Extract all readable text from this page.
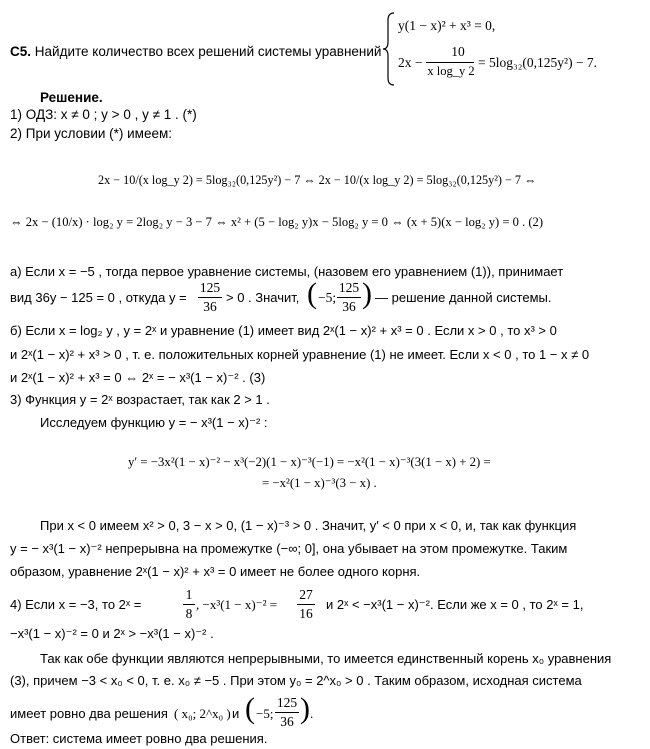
C5. Найдите количество всех решений системы уравнений
y(1 − x)² + x³ = 0,
2x −
10
x log_y 2
= 5log₃₂(0,125y²) − 7.
Решение.
1) ОДЗ: x ≠ 0 ; y > 0 , y ≠ 1 . (*)
2) При условии (*) имеем:
2x − 10/(x log_y 2) = 5log₃₂(0,125y²) − 7 ⇔ 2x − 10/(x log_y 2) = 5log₃₂(0,125y²) − 7 ⇔
⇔ 2x − (10/x) · log₂ y = 2log₂ y − 3 − 7 ⇔ x² + (5 − log₂ y)x − 5log₂ y = 0 ⇔ (x + 5)(x − log₂ y) = 0 . (2)
а) Если x = −5 , тогда первое уравнение системы, (назовем его уравнением (1)), принимает
вид 36y − 125 = 0 , откуда y =
125
36
> 0 . Значит, ( −5;
125
36 ) — решение данной системы.
б) Если x = log₂ y , y = 2ˣ и уравнение (1) имеет вид 2ˣ(1 − x)² + x³ = 0 . Если x > 0 , то x³ > 0
и 2ˣ(1 − x)² + x³ > 0 , т. е. положительных корней уравнение (1) не имеет. Если x < 0 , то 1 − x ≠ 0
и 2ˣ(1 − x)² + x³ = 0 ⇔ 2ˣ = − x³(1 − x)⁻² . (3)
3) Функция y = 2ˣ возрастает, так как 2 > 1 .
Исследуем функцию y = − x³(1 − x)⁻² :
y′ = −3x²(1 − x)⁻² − x³(−2)(1 − x)⁻³(−1) = −x²(1 − x)⁻³(3(1 − x) + 2) =
= −x²(1 − x)⁻³(3 − x) .
При x < 0 имеем x² > 0, 3 − x > 0, (1 − x)⁻³ > 0 . Значит, y′ < 0 при x < 0, и, так как функция
y = − x³(1 − x)⁻² непрерывна на промежутке (−∞; 0], она убывает на этом промежутке. Таким
образом, уравнение 2ˣ(1 − x)² + x³ = 0 имеет не более одного корня.
4) Если x = −3, то 2ˣ =
1
8
, −x³(1 − x)⁻² =
27
16
и 2ˣ < −x³(1 − x)⁻². Если же x = 0 , то 2ˣ = 1,
−x³(1 − x)⁻² = 0 и 2ˣ > −x³(1 − x)⁻² .
Так как обе функции являются непрерывными, то имеется единственный корень x₀ уравнения
(3), причем −3 < x₀ < 0, т. е. x₀ ≠ −5 . При этом y₀ = 2^x₀ > 0 . Таким образом, исходная система
имеет ровно два решения ( x₀; 2^x₀ ) и ( −5;
125
36 ) .
Ответ: система имеет ровно два решения.
